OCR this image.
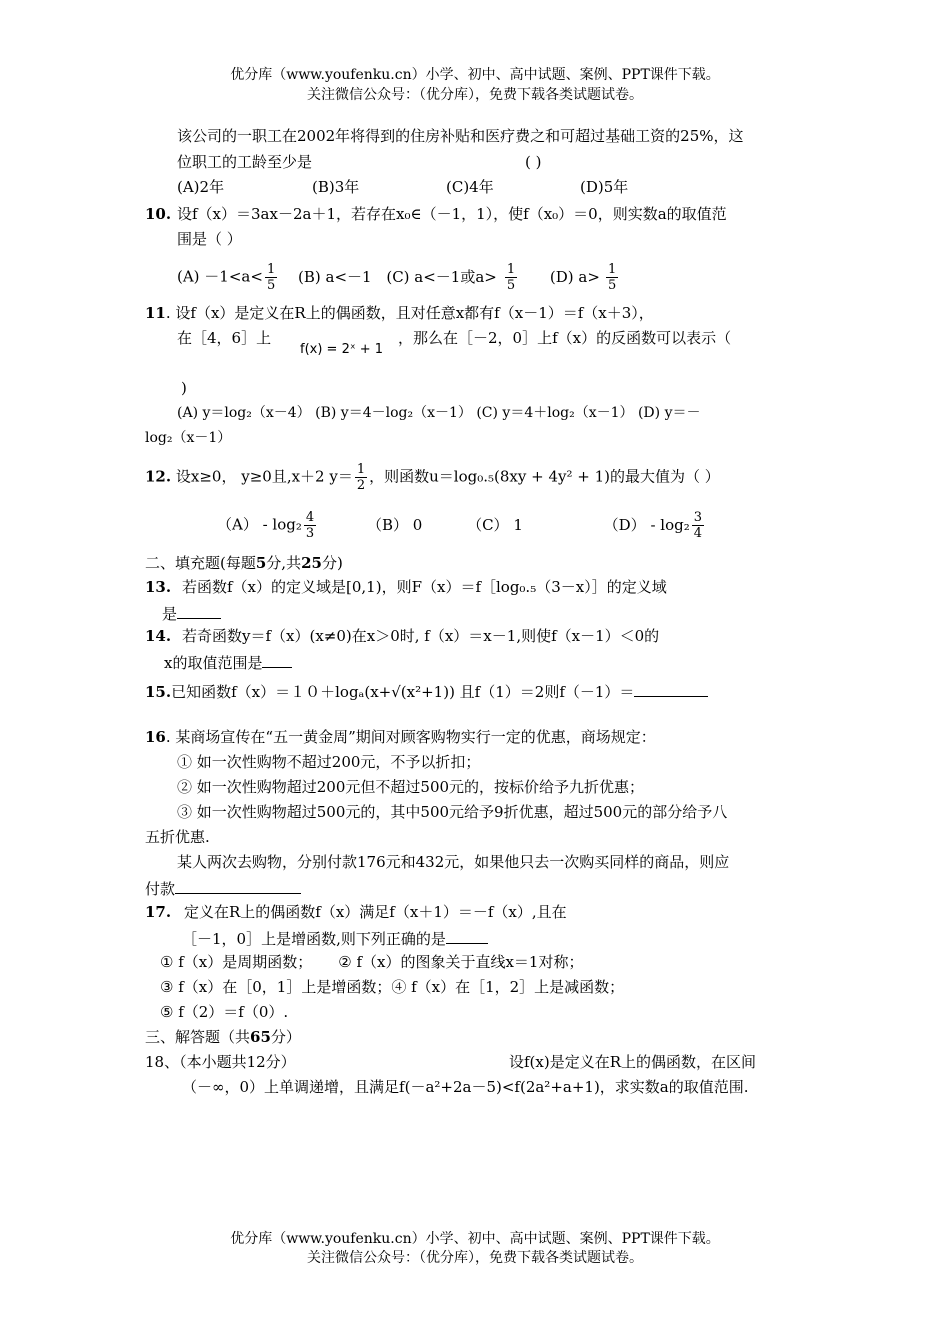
优分库（www.youfenku.cn）小学、初中、高中试题、案例、PPT课件下载。
关注微信公众号：（优分库），免费下载各类试题试卷。
该公司的一职工在2002年将得到的住房补贴和医疗费之和可超过基础工资的25%，这
位职工的工龄至少是	( )
(A)2年	(B)3年	(C)4年	(D)5年
10. 设f（x）＝3ax－2a＋1，若存在x₀∈（－1，1），使f（x₀）＝0，则实数a的取值范
围是（ ）
$(A) -1<a< \frac{1}{5} (B)$ a<－1 (C) a<－1或$a> \frac{1}{5} (D)$ $a> \frac{1}{5}$
11. 设f（x）是定义在R上的偶函数，且对任意x都有f（x－1）＝f（x＋3），
在［4，6］上
f(x) = 2ˣ + 1
，那么在［－2，0］上f（x）的反函数可以表示（
)
(A) y＝log₂（x－4） (B) y＝4－log₂（x－1） (C) y＝4＋log₂（x－1） (D) y＝－
log₂（x－1）
12. 设x≥0， y≥0且,x＋2 $y= \frac{1}{2}$ ，则函数u＝log₀.₅(8xy + 4y² + 1)的最大值为（ ）
$(A) - \log_2 \frac{4}{3}$	（B） 0	（C） 1	$(D) - \log_2 \frac{3}{4}$
二、填充题(每题5分,共25分)
13. 若函数f（x）的定义域是[0,1)，则F（x）＝f［log₀.₅（3－x）］的定义域
是
14. 若奇函数y＝f（x）(x≠0)在x＞0时, f（x）＝x－1,则使f（x－1）＜0的
x的取值范围是
15.已知函数f（x）＝１０＋logₐ(x+√(x²+1)) 且f（1）＝2则f（－1）＝
16. 某商场宣传在“五一黄金周”期间对顾客购物实行一定的优惠，商场规定：
① 如一次性购物不超过200元，不予以折扣；
② 如一次性购物超过200元但不超过500元的，按标价给予九折优惠；
③ 如一次性购物超过500元的，其中500元给予9折优惠，超过500元的部分给予八
五折优惠.
某人两次去购物，分别付款176元和432元，如果他只去一次购买同样的商品，则应
付款
17. 定义在R上的偶函数f（x）满足f（x＋1）＝－f（x）,且在
［－1，0］上是增函数,则下列正确的是
① f（x）是周期函数； ② f（x）的图象关于直线x＝1对称；
③ f（x）在［0，1］上是增函数；④ f（x）在［1，2］上是减函数；
⑤ f（2）＝f（0）.
三、解答题（共65分）
18、（本小题共12分）	设f(x)是定义在R上的偶函数，在区间
（－∞，0）上单调递增，且满足f(－a²+2a－5)<f(2a²+a+1)，求实数a的取值范围.
优分库（www.youfenku.cn）小学、初中、高中试题、案例、PPT课件下载。
关注微信公众号：（优分库），免费下载各类试题试卷。
